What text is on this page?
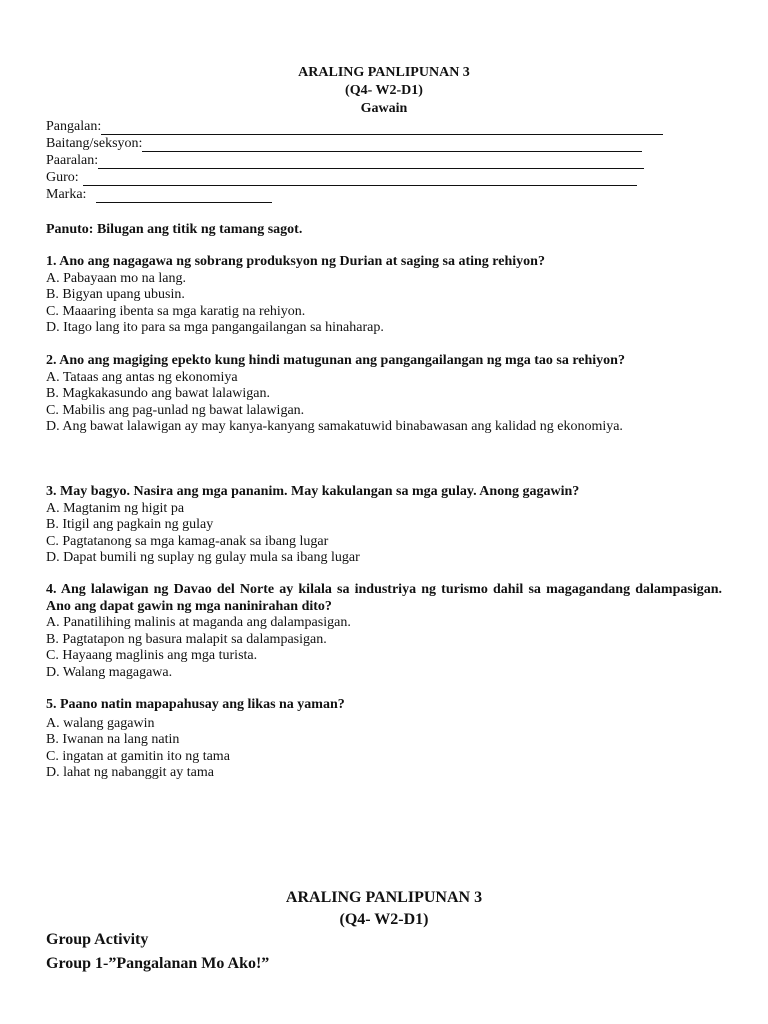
ARALING PANLIPUNAN 3
(Q4- W2-D1)
Gawain
Pangalan:
Baitang/seksyon:
Paaralan:
Guro:
Marka:
Panuto: Bilugan ang titik ng tamang sagot.
1. Ano ang nagagawa ng sobrang produksyon ng Durian at saging sa ating rehiyon?
A. Pabayaan mo na lang.
B. Bigyan upang ubusin.
C. Maaaring ibenta sa mga karatig na rehiyon.
D. Itago lang ito para sa mga pangangailangan sa hinaharap.
2. Ano ang magiging epekto kung hindi matugunan ang pangangailangan ng mga tao sa rehiyon?
A. Tataas ang antas ng ekonomiya
B. Magkakasundo ang bawat lalawigan.
C. Mabilis ang pag-unlad ng bawat lalawigan.
D. Ang bawat lalawigan ay may kanya-kanyang samakatuwid binabawasan ang kalidad ng ekonomiya.
3. May bagyo. Nasira ang mga pananim. May kakulangan sa mga gulay. Anong gagawin?
A. Magtanim ng higit pa
B. Itigil ang pagkain ng gulay
C. Pagtatanong sa mga kamag-anak sa ibang lugar
D. Dapat bumili ng suplay ng gulay mula sa ibang lugar
4. Ang lalawigan ng Davao del Norte ay kilala sa industriya ng turismo dahil sa magagandang dalampasigan. Ano ang dapat gawin ng mga naninirahan dito?
A. Panatilihing malinis at maganda ang dalampasigan.
B. Pagtatapon ng basura malapit sa dalampasigan.
C. Hayaang maglinis ang mga turista.
D. Walang magagawa.
5. Paano natin mapapahusay ang likas na yaman?
A. walang gagawin
B. Iwanan na lang natin
C. ingatan at gamitin ito ng tama
D. lahat ng nabanggit ay tama
ARALING PANLIPUNAN 3
(Q4- W2-D1)
Group Activity
Group 1-”Pangalanan Mo Ako!”
